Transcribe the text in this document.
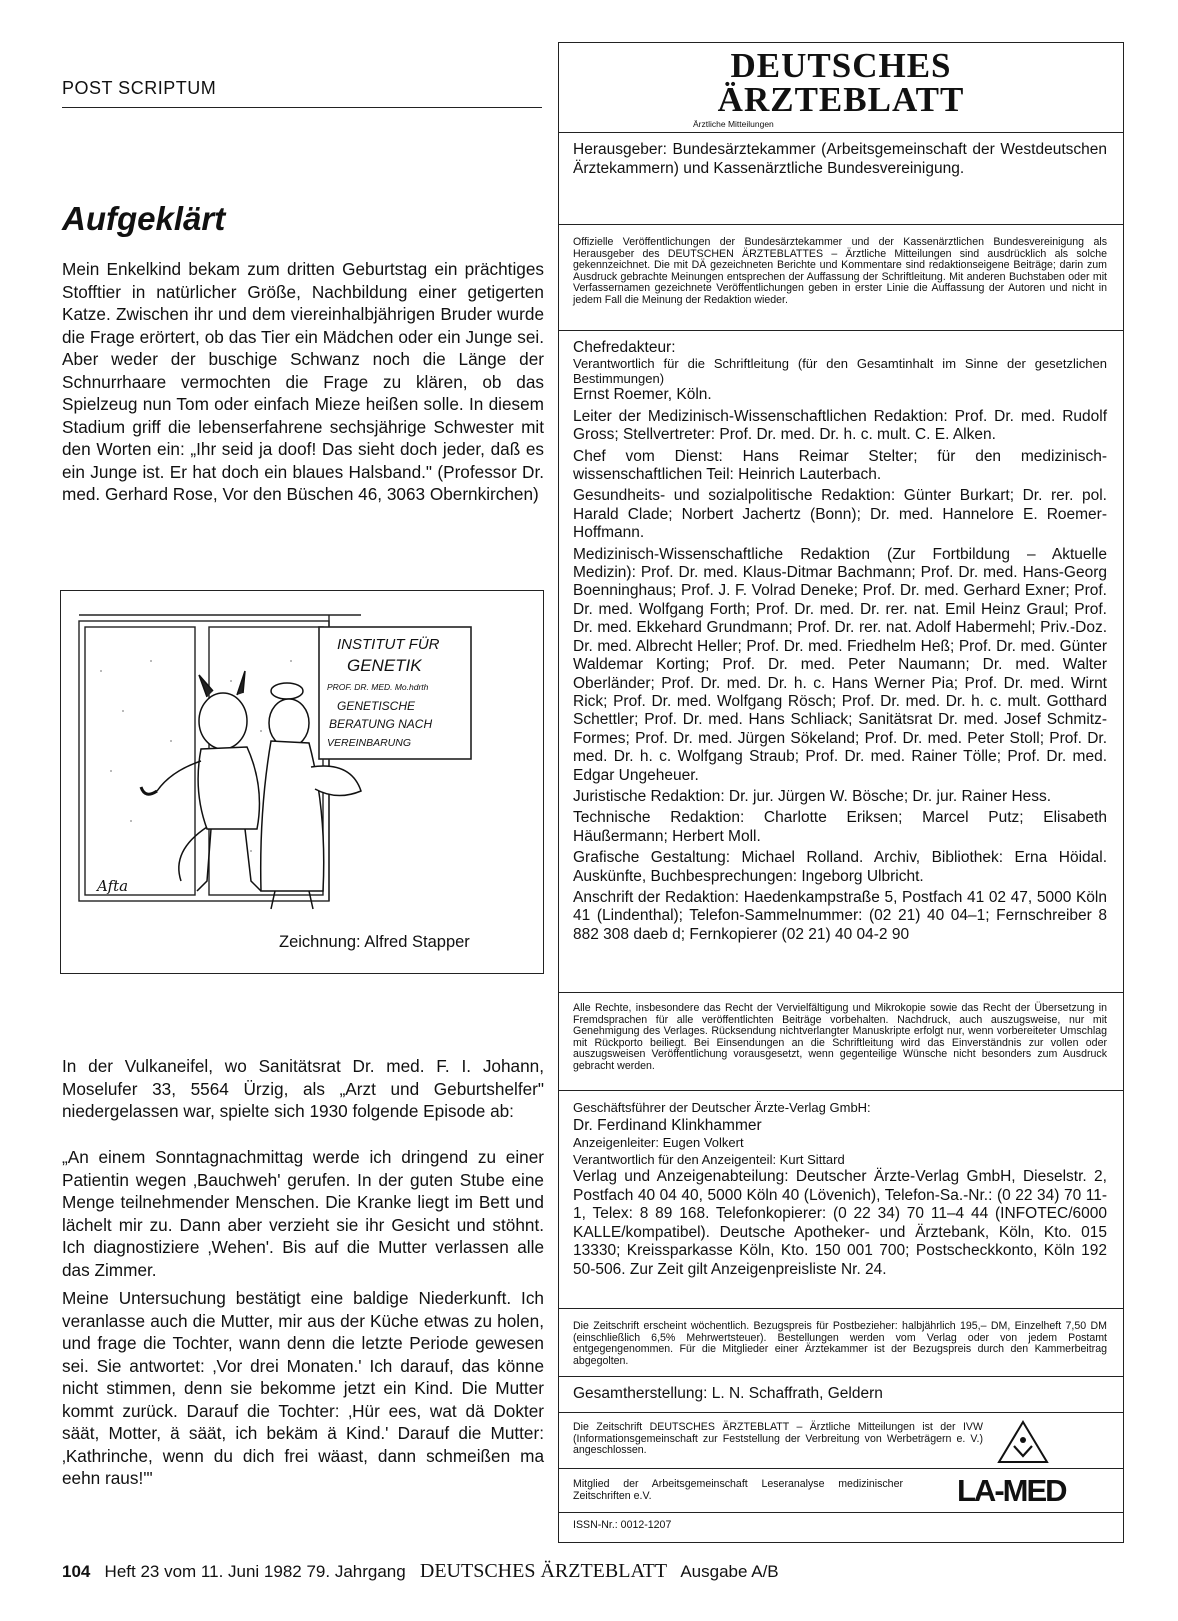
POST SCRIPTUM
Aufgeklärt

Mein Enkelkind bekam zum dritten Geburtstag ein prächtiges Stofftier in natürlicher Größe, Nachbildung einer getigerten Katze. Zwischen ihr und dem viereinhalbjährigen Bruder wurde die Frage erörtert, ob das Tier ein Mädchen oder ein Junge sei. Aber weder der buschige Schwanz noch die Länge der Schnurrhaare vermochten die Frage zu klären, ob das Spielzeug nun Tom oder einfach Mieze heißen solle. In diesem Stadium griff die lebenserfahrene sechsjährige Schwester mit den Worten ein: „Ihr seid ja doof! Das sieht doch jeder, daß es ein Junge ist. Er hat doch ein blaues Halsband." (Professor Dr. med. Gerhard Rose, Vor den Büschen 46, 3063 Obernkirchen)

INSTITUT FÜR
GENETIK
PROF. DR. MED. Mo.hdrth
GENETISCHE
BERATUNG NACH
VEREINBARUNG
Afta
Zeichnung: Alfred Stapper

In der Vulkaneifel, wo Sanitätsrat Dr. med. F. I. Johann, Moselufer 33, 5564 Ürzig, als „Arzt und Geburtshelfer" niedergelassen war, spielte sich 1930 folgende Episode ab:

„An einem Sonntagnachmittag werde ich dringend zu einer Patientin wegen ‚Bauchweh' gerufen. In der guten Stube eine Menge teilnehmender Menschen. Die Kranke liegt im Bett und lächelt mir zu. Dann aber verzieht sie ihr Gesicht und stöhnt. Ich diagnostiziere ‚Wehen'. Bis auf die Mutter verlassen alle das Zimmer.

Meine Untersuchung bestätigt eine baldige Niederkunft. Ich veranlasse auch die Mutter, mir aus der Küche etwas zu holen, und frage die Tochter, wann denn die letzte Periode gewesen sei. Sie antwortet: ‚Vor drei Monaten.' Ich darauf, das könne nicht stimmen, denn sie bekomme jetzt ein Kind. Die Mutter kommt zurück. Darauf die Tochter: ‚Hür ees, wat dä Dokter säät, Motter, ä säät, ich bekäm ä Kind.' Darauf die Mutter: ‚Kathrinche, wenn du dich frei wäast, dann schmeißen ma eehn raus!'"

DEUTSCHES
ÄRZTEBLATT
Ärztliche Mitteilungen

Herausgeber: Bundesärztekammer (Arbeitsgemeinschaft der Westdeutschen Ärztekammern) und Kassenärztliche Bundesvereinigung.

Offizielle Veröffentlichungen der Bundesärztekammer und der Kassenärztlichen Bundesvereinigung als Herausgeber des DEUTSCHEN ÄRZTEBLATTES – Ärztliche Mitteilungen sind ausdrücklich als solche gekennzeichnet. Die mit DÄ gezeichneten Berichte und Kommentare sind redaktionseigene Beiträge; darin zum Ausdruck gebrachte Meinungen entsprechen der Auffassung der Schriftleitung. Mit anderen Buchstaben oder mit Verfassernamen gezeichnete Veröffentlichungen geben in erster Linie die Auffassung der Autoren und nicht in jedem Fall die Meinung der Redaktion wieder.

Chefredakteur:
Verantwortlich für die Schriftleitung (für den Gesamtinhalt im Sinne der gesetzlichen Bestimmungen)
Ernst Roemer, Köln.

Leiter der Medizinisch-Wissenschaftlichen Redaktion: Prof. Dr. med. Rudolf Gross; Stellvertreter: Prof. Dr. med. Dr. h. c. mult. C. E. Alken.

Chef vom Dienst: Hans Reimar Stelter; für den medizinisch-wissenschaftlichen Teil: Heinrich Lauterbach.

Gesundheits- und sozialpolitische Redaktion: Günter Burkart; Dr. rer. pol. Harald Clade; Norbert Jachertz (Bonn); Dr. med. Hannelore E. Roemer-Hoffmann.

Medizinisch-Wissenschaftliche Redaktion (Zur Fortbildung – Aktuelle Medizin): Prof. Dr. med. Klaus-Ditmar Bachmann; Prof. Dr. med. Hans-Georg Boenninghaus; Prof. J. F. Volrad Deneke; Prof. Dr. med. Gerhard Exner; Prof. Dr. med. Wolfgang Forth; Prof. Dr. med. Dr. rer. nat. Emil Heinz Graul; Prof. Dr. med. Ekkehard Grundmann; Prof. Dr. rer. nat. Adolf Habermehl; Priv.-Doz. Dr. med. Albrecht Heller; Prof. Dr. med. Friedhelm Heß; Prof. Dr. med. Günter Waldemar Korting; Prof. Dr. med. Peter Naumann; Dr. med. Walter Oberländer; Prof. Dr. med. Dr. h. c. Hans Werner Pia; Prof. Dr. med. Wirnt Rick; Prof. Dr. med. Wolfgang Rösch; Prof. Dr. med. Dr. h. c. mult. Gotthard Schettler; Prof. Dr. med. Hans Schliack; Sanitätsrat Dr. med. Josef Schmitz-Formes; Prof. Dr. med. Jürgen Sökeland; Prof. Dr. med. Peter Stoll; Prof. Dr. med. Dr. h. c. Wolfgang Straub; Prof. Dr. med. Rainer Tölle; Prof. Dr. med. Edgar Ungeheuer.

Juristische Redaktion: Dr. jur. Jürgen W. Bösche; Dr. jur. Rainer Hess.

Technische Redaktion: Charlotte Eriksen; Marcel Putz; Elisabeth Häußermann; Herbert Moll.

Grafische Gestaltung: Michael Rolland. Archiv, Bibliothek: Erna Höidal. Auskünfte, Buchbesprechungen: Ingeborg Ulbricht.

Anschrift der Redaktion: Haedenkampstraße 5, Postfach 41 02 47, 5000 Köln 41 (Lindenthal); Telefon-Sammelnummer: (02 21) 40 04–1; Fernschreiber 8 882 308 daeb d; Fernkopierer (02 21) 40 04-2 90

Alle Rechte, insbesondere das Recht der Vervielfältigung und Mikrokopie sowie das Recht der Übersetzung in Fremdsprachen für alle veröffentlichten Beiträge vorbehalten. Nachdruck, auch auszugsweise, nur mit Genehmigung des Verlages. Rücksendung nichtverlangter Manuskripte erfolgt nur, wenn vorbereiteter Umschlag mit Rückporto beiliegt. Bei Einsendungen an die Schriftleitung wird das Einverständnis zur vollen oder auszugsweisen Veröffentlichung vorausgesetzt, wenn gegenteilige Wünsche nicht besonders zum Ausdruck gebracht werden.

Geschäftsführer der Deutscher Ärzte-Verlag GmbH:

Dr. Ferdinand Klinkhammer

Anzeigenleiter: Eugen Volkert

Verantwortlich für den Anzeigenteil: Kurt Sittard

Verlag und Anzeigenabteilung: Deutscher Ärzte-Verlag GmbH, Dieselstr. 2, Postfach 40 04 40, 5000 Köln 40 (Lövenich), Telefon-Sa.-Nr.: (0 22 34) 70 11-1, Telex: 8 89 168. Telefonkopierer: (0 22 34) 70 11–4 44 (INFOTEC/6000 KALLE/kompatibel). Deutsche Apotheker- und Ärztebank, Köln, Kto. 015 13330; Kreissparkasse Köln, Kto. 150 001 700; Postscheckkonto, Köln 192 50-506. Zur Zeit gilt Anzeigenpreisliste Nr. 24.

Die Zeitschrift erscheint wöchentlich. Bezugspreis für Postbezieher: halbjährlich 195,– DM, Einzelheft 7,50 DM (einschließlich 6,5% Mehrwertsteuer). Bestellungen werden vom Verlag oder von jedem Postamt entgegengenommen. Für die Mitglieder einer Ärztekammer ist der Bezugspreis durch den Kammerbeitrag abgegolten.

Gesamtherstellung: L. N. Schaffrath, Geldern

Die Zeitschrift DEUTSCHES ÄRZTEBLATT – Ärztliche Mitteilungen ist der IVW (Informationsgemeinschaft zur Feststellung der Verbreitung von Werbeträgern e. V.) angeschlossen.

Mitglied der Arbeitsgemeinschaft Leseranalyse medizinischer Zeitschriften e.V.	LA-MED

ISSN-Nr.: 0012-1207

104 Heft 23 vom 11. Juni 1982 79. Jahrgang DEUTSCHES ÄRZTEBLATT Ausgabe A/B
